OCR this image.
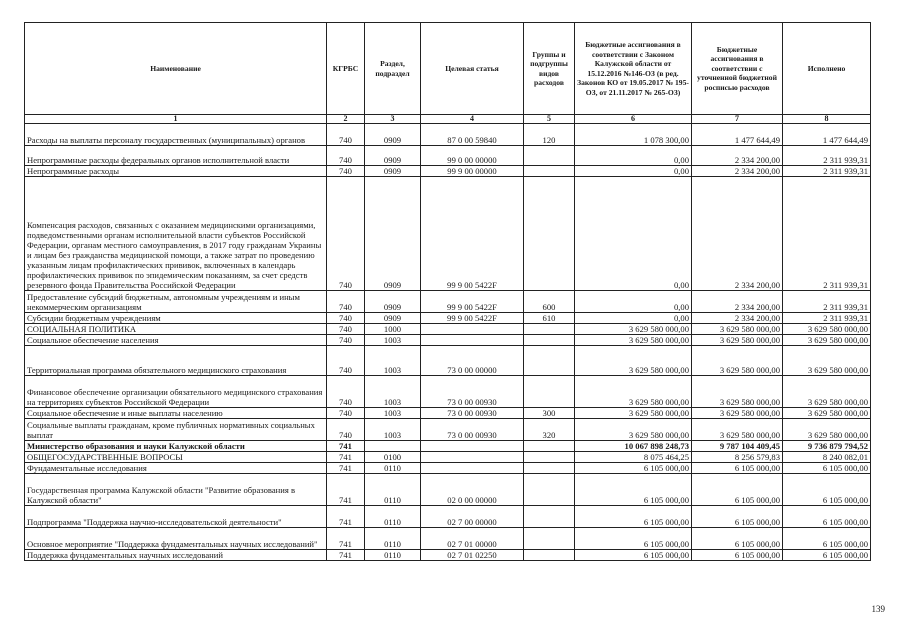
Наименование	КГРБС	Раздел, подраздел	Целевая статья	Группы и подгруппы видов расходов	Бюджетные ассигнования в соответствии с Законом Калужской области от 15.12.2016 №146-ОЗ (в ред. Законов КО от 19.05.2017 № 195-ОЗ, от 21.11.2017 № 265-ОЗ)	Бюджетные ассигнования в соответствии с уточненной бюджетной росписью расходов	Исполнено
1	2	3	4	5	6	7	8
Расходы на выплаты персоналу государственных (муниципальных) органов	740	0909	87 0 00 59840	120	1 078 300,00	1 477 644,49	1 477 644,49
Непрограммные расходы федеральных органов исполнительной власти	740	0909	99 0 00 00000		0,00	2 334 200,00	2 311 939,31
Непрограммные расходы	740	0909	99 9 00 00000		0,00	2 334 200,00	2 311 939,31
Компенсация расходов, связанных с оказанием медицинскими организациями, подведомственными органам исполнительной власти субъектов Российской Федерации, органам местного самоуправления, в 2017 году гражданам Украины и лицам без гражданства медицинской помощи, а также затрат по проведению указанным лицам профилактических прививок, включенных в календарь профилактических прививок по эпидемическим показаниям, за счет средств резервного фонда Правительства Российской Федерации	740	0909	99 9 00 5422F		0,00	2 334 200,00	2 311 939,31
Предоставление субсидий бюджетным, автономным учреждениям и иным некоммерческим организациям	740	0909	99 9 00 5422F	600	0,00	2 334 200,00	2 311 939,31
Субсидии бюджетным учреждениям	740	0909	99 9 00 5422F	610	0,00	2 334 200,00	2 311 939,31
СОЦИАЛЬНАЯ ПОЛИТИКА	740	1000			3 629 580 000,00	3 629 580 000,00	3 629 580 000,00
Социальное обеспечение населения	740	1003			3 629 580 000,00	3 629 580 000,00	3 629 580 000,00
Территориальная программа обязательного медицинского страхования	740	1003	73 0 00 00000		3 629 580 000,00	3 629 580 000,00	3 629 580 000,00
Финансовое обеспечение организации обязательного медицинского страхования на территориях субъектов Российской Федерации	740	1003	73 0 00 00930		3 629 580 000,00	3 629 580 000,00	3 629 580 000,00
Социальное обеспечение и иные выплаты населению	740	1003	73 0 00 00930	300	3 629 580 000,00	3 629 580 000,00	3 629 580 000,00
Социальные выплаты гражданам, кроме публичных нормативных социальных выплат	740	1003	73 0 00 00930	320	3 629 580 000,00	3 629 580 000,00	3 629 580 000,00
Министерство образования и науки Калужской области	741				10 067 898 248,73	9 787 104 409,45	9 736 879 794,52
ОБЩЕГОСУДАРСТВЕННЫЕ ВОПРОСЫ	741	0100			8 075 464,25	8 256 579,83	8 240 082,01
Фундаментальные исследования	741	0110			6 105 000,00	6 105 000,00	6 105 000,00
Государственная программа Калужской области "Развитие образования в Калужской области"	741	0110	02 0 00 00000		6 105 000,00	6 105 000,00	6 105 000,00
Подпрограмма "Поддержка научно-исследовательской деятельности"	741	0110	02 7 00 00000		6 105 000,00	6 105 000,00	6 105 000,00
Основное мероприятие "Поддержка фундаментальных научных исследований"	741	0110	02 7 01 00000		6 105 000,00	6 105 000,00	6 105 000,00
Поддержка фундаментальных научных исследований	741	0110	02 7 01 02250		6 105 000,00	6 105 000,00	6 105 000,00
139
